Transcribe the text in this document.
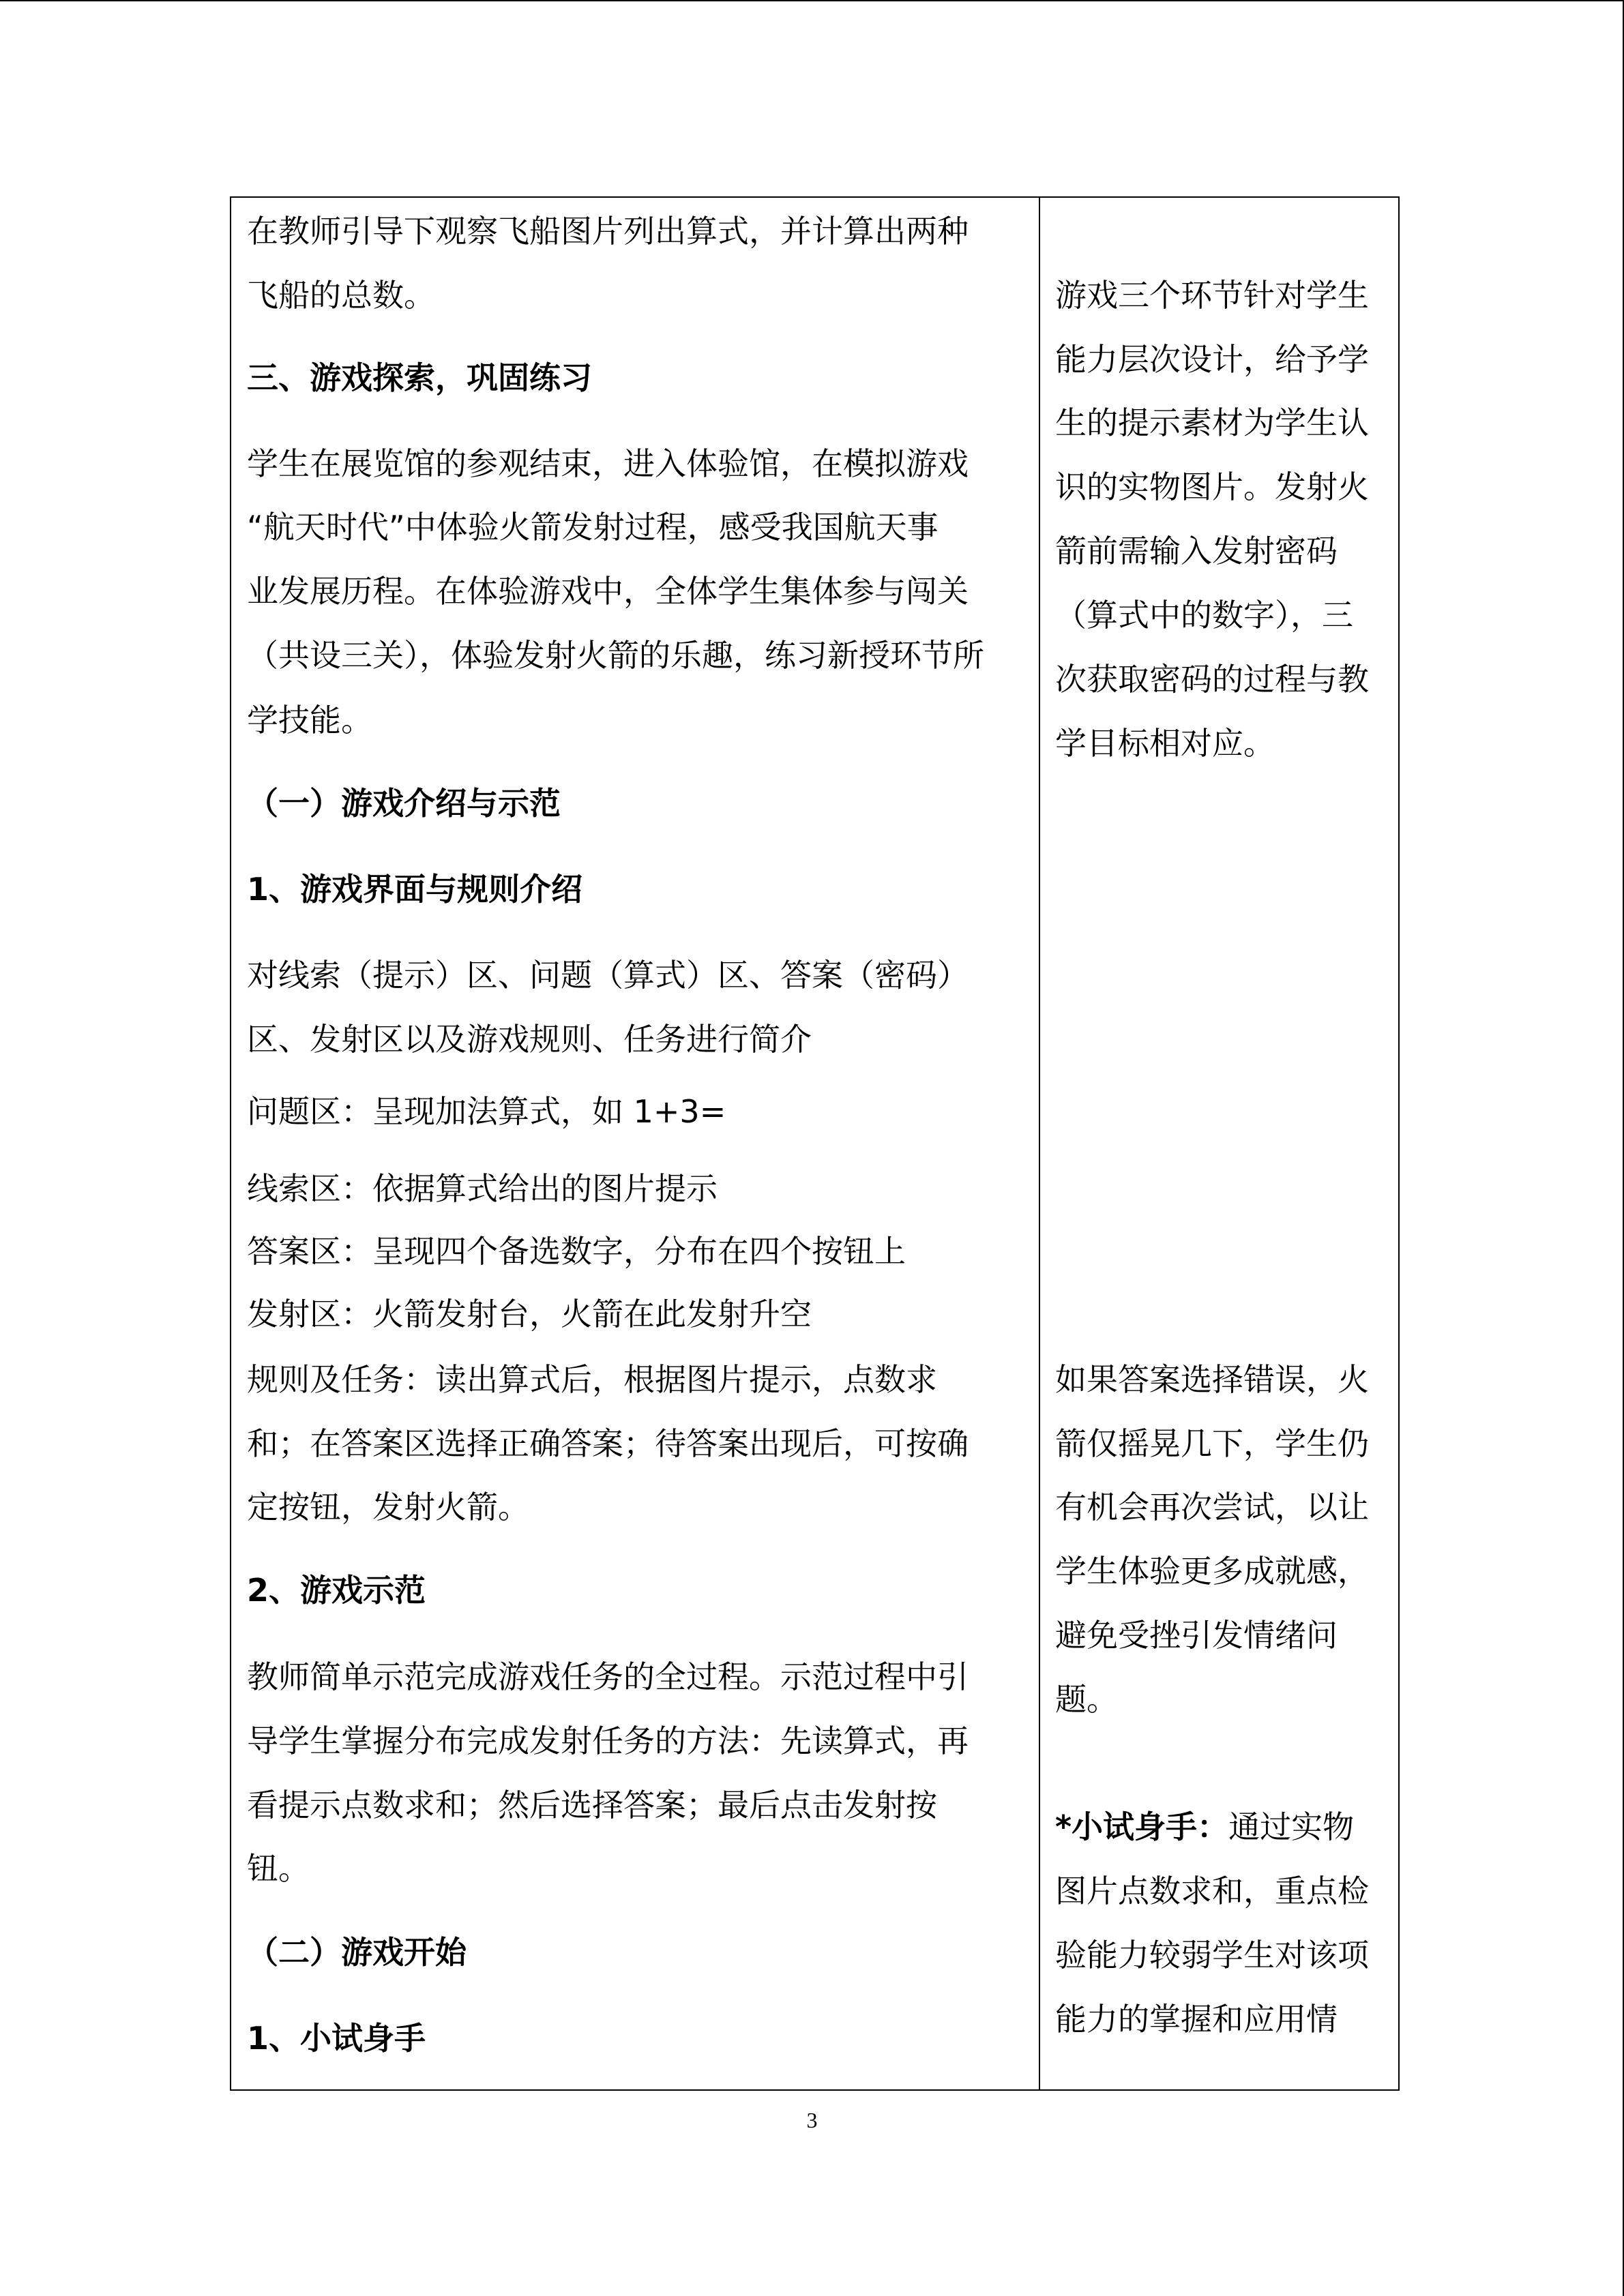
在教师引导下观察飞船图片列出算式，并计算出两种
飞船的总数。
三、游戏探索，巩固练习
学生在展览馆的参观结束，进入体验馆，在模拟游戏
“航天时代”中体验火箭发射过程，感受我国航天事
业发展历程。在体验游戏中，全体学生集体参与闯关
（共设三关），体验发射火箭的乐趣，练习新授环节所
学技能。
（一）游戏介绍与示范
1、游戏界面与规则介绍
对线索（提示）区、问题（算式）区、答案（密码）
区、发射区以及游戏规则、任务进行简介
问题区：呈现加法算式，如 1+3=
线索区：依据算式给出的图片提示
答案区：呈现四个备选数字，分布在四个按钮上
发射区：火箭发射台，火箭在此发射升空
规则及任务：读出算式后，根据图片提示，点数求
和；在答案区选择正确答案；待答案出现后，可按确
定按钮，发射火箭。
2、游戏示范
教师简单示范完成游戏任务的全过程。示范过程中引
导学生掌握分布完成发射任务的方法：先读算式，再
看提示点数求和；然后选择答案；最后点击发射按
钮。
（二）游戏开始
1、小试身手
游戏三个环节针对学生
能力层次设计，给予学
生的提示素材为学生认
识的实物图片。发射火
箭前需输入发射密码
（算式中的数字），三
次获取密码的过程与教
学目标相对应。
如果答案选择错误，火
箭仅摇晃几下，学生仍
有机会再次尝试，以让
学生体验更多成就感，
避免受挫引发情绪问
题。
*小试身手：通过实物
图片点数求和，重点检
验能力较弱学生对该项
能力的掌握和应用情
3
